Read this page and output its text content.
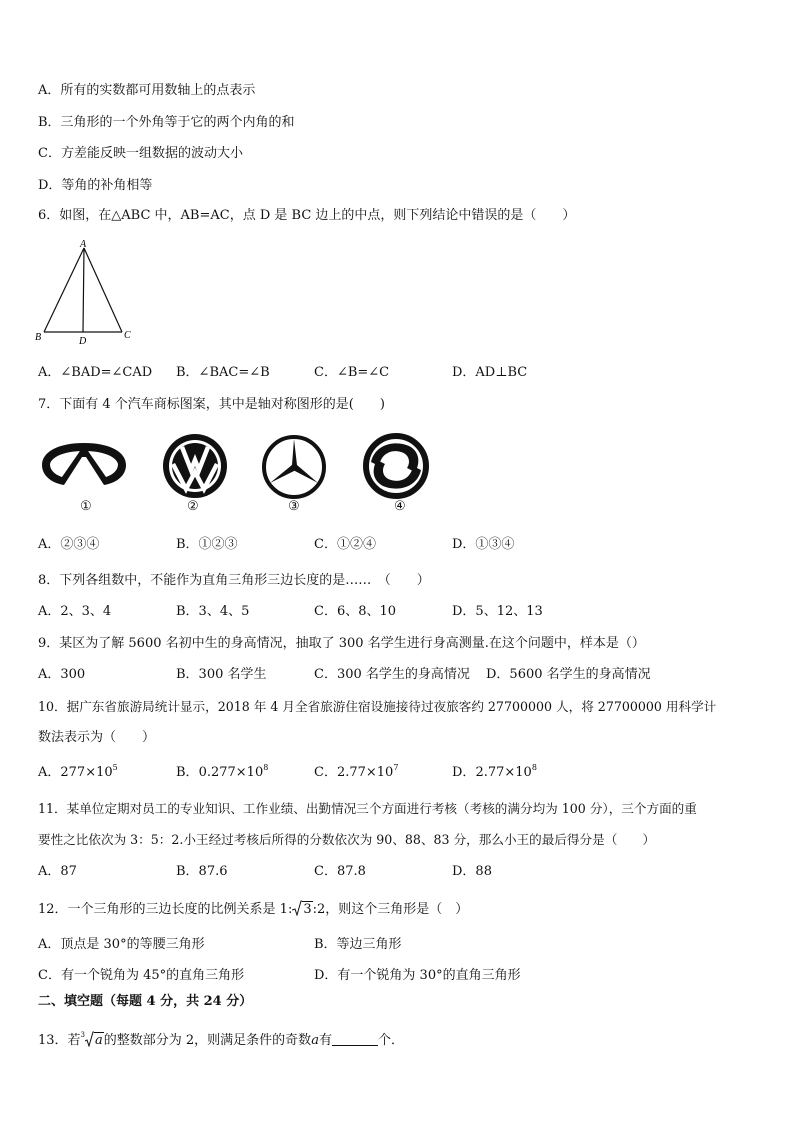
A．所有的实数都可用数轴上的点表示
B．三角形的一个外角等于它的两个内角的和
C．方差能反映一组数据的波动大小
D．等角的补角相等
6．如图，在△ABC 中，AB=AC，点 D 是 BC 边上的中点，则下列结论中错误的是（　　）
A
B	C
D
A．∠BAD=∠CAD B．∠BAC=∠B	C．∠B=∠C	D．AD⊥BC
7．下面有 4 个汽车商标图案，其中是轴对称图形的是(　　)
①	②	③	④
A．②③④	B．①②③	C．①②④	D．①③④
8．下列各组数中，不能作为直角三角形三边长度的是……　（　　）
A．2、3、4	B．3、4、5	C．6、8、10	D．5、12、13
9．某区为了解 5600 名初中生的身高情况，抽取了 300 名学生进行身高测量.在这个问题中，样本是（）
A．300	B．300 名学生	C．300 名学生的身高情况 D．5600 名学生的身高情况
10．据广东省旅游局统计显示，2018 年 4 月全省旅游住宿设施接待过夜旅客约 27700000 人，将 27700000 用科学计
数法表示为（　　）
A．$277\times 10^5$	B．$0.277\times 10^8$	C．$2.77\times 10^7$	D．$2.77\times 10^8$
11．某单位定期对员工的专业知识、工作业绩、出勤情况三个方面进行考核（考核的满分均为 100 分），三个方面的重
要性之比依次为 3：5：2.小王经过考核后所得的分数依次为 90、88、83 分，那么小王的最后得分是（　　）
A．87	B．87.6	C．87.8	D．88
12．一个三角形的三边长度的比例关系是 1: 3:2，则这个三角形是（　）
A．顶点是 30°的等腰三角形	B．等边三角形
C．有一个锐角为 45°的直角三角形	D．有一个锐角为 30°的直角三角形
二、填空题（每题 4 分，共 24 分）
13．若$^3$ a的整数部分为 2，则满足条件的奇数a有	个．
